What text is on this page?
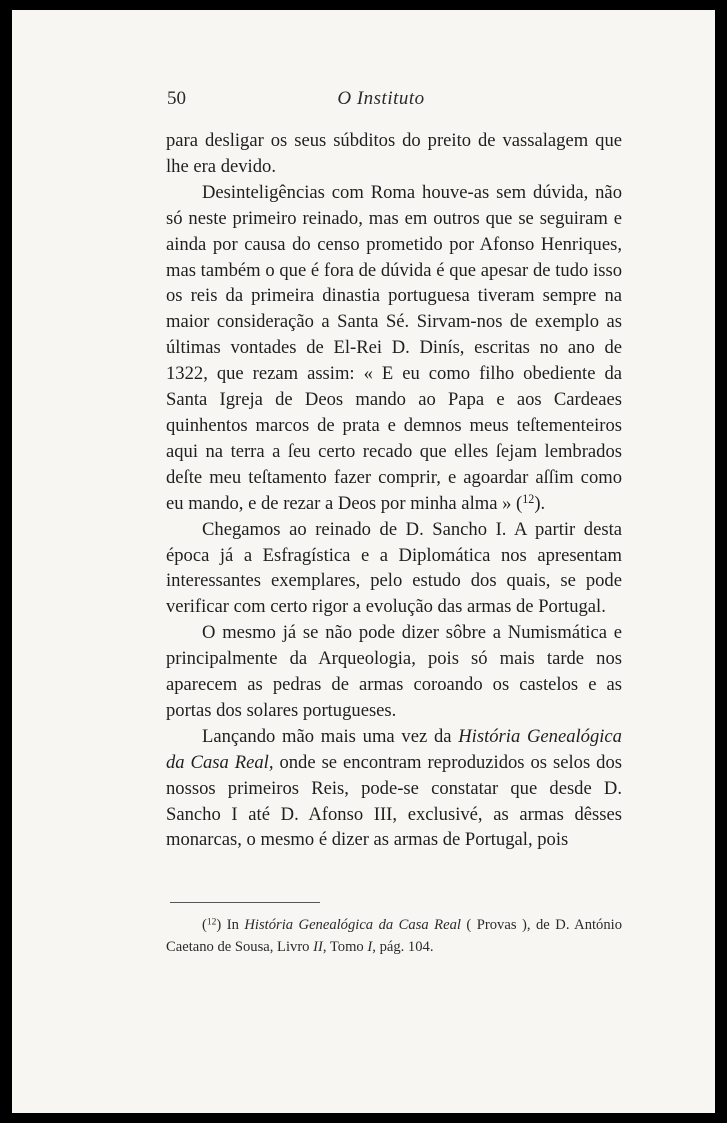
50	O Instituto

para desligar os seus súbditos do preito de vassalagem que lhe era devido.

Desinteligências com Roma houve-as sem dúvida, não só neste primeiro reinado, mas em outros que se seguiram e ainda por causa do censo prometido por Afonso Henriques, mas também o que é fora de dúvida é que apesar de tudo isso os reis da primeira dinastia portuguesa tiveram sempre na maior consideração a Santa Sé. Sirvam-nos de exemplo as últimas vontades de El-Rei D. Dinís, escritas no ano de 1322, que rezam assim: « E eu como filho obediente da Santa Igreja de Deos mando ao Papa e aos Cardeaes quinhentos marcos de prata e demnos meus teſtementeiros aqui na terra a ſeu certo recado que elles ſejam lembrados deſte meu teſtamento fazer comprir, e agoardar aſſim como eu mando, e de rezar a Deos por minha alma » ($^{12}$).

Chegamos ao reinado de D. Sancho I. A partir desta época já a Esfragística e a Diplomática nos apresentam interessantes exemplares, pelo estudo dos quais, se pode verificar com certo rigor a evolução das armas de Portugal.

O mesmo já se não pode dizer sôbre a Numismática e principalmente da Arqueologia, pois só mais tarde nos aparecem as pedras de armas coroando os castelos e as portas dos solares portugueses.

Lançando mão mais uma vez da História Genealógica da Casa Real, onde se encontram reproduzidos os selos dos nossos primeiros Reis, pode-se constatar que desde D. Sancho I até D. Afonso III, exclusivé, as armas dêsses monarcas, o mesmo é dizer as armas de Portugal, pois

($^{12}$) In História Genealógica da Casa Real ( Provas ), de D. António Caetano de Sousa, Livro II, Tomo I, pág. 104.
